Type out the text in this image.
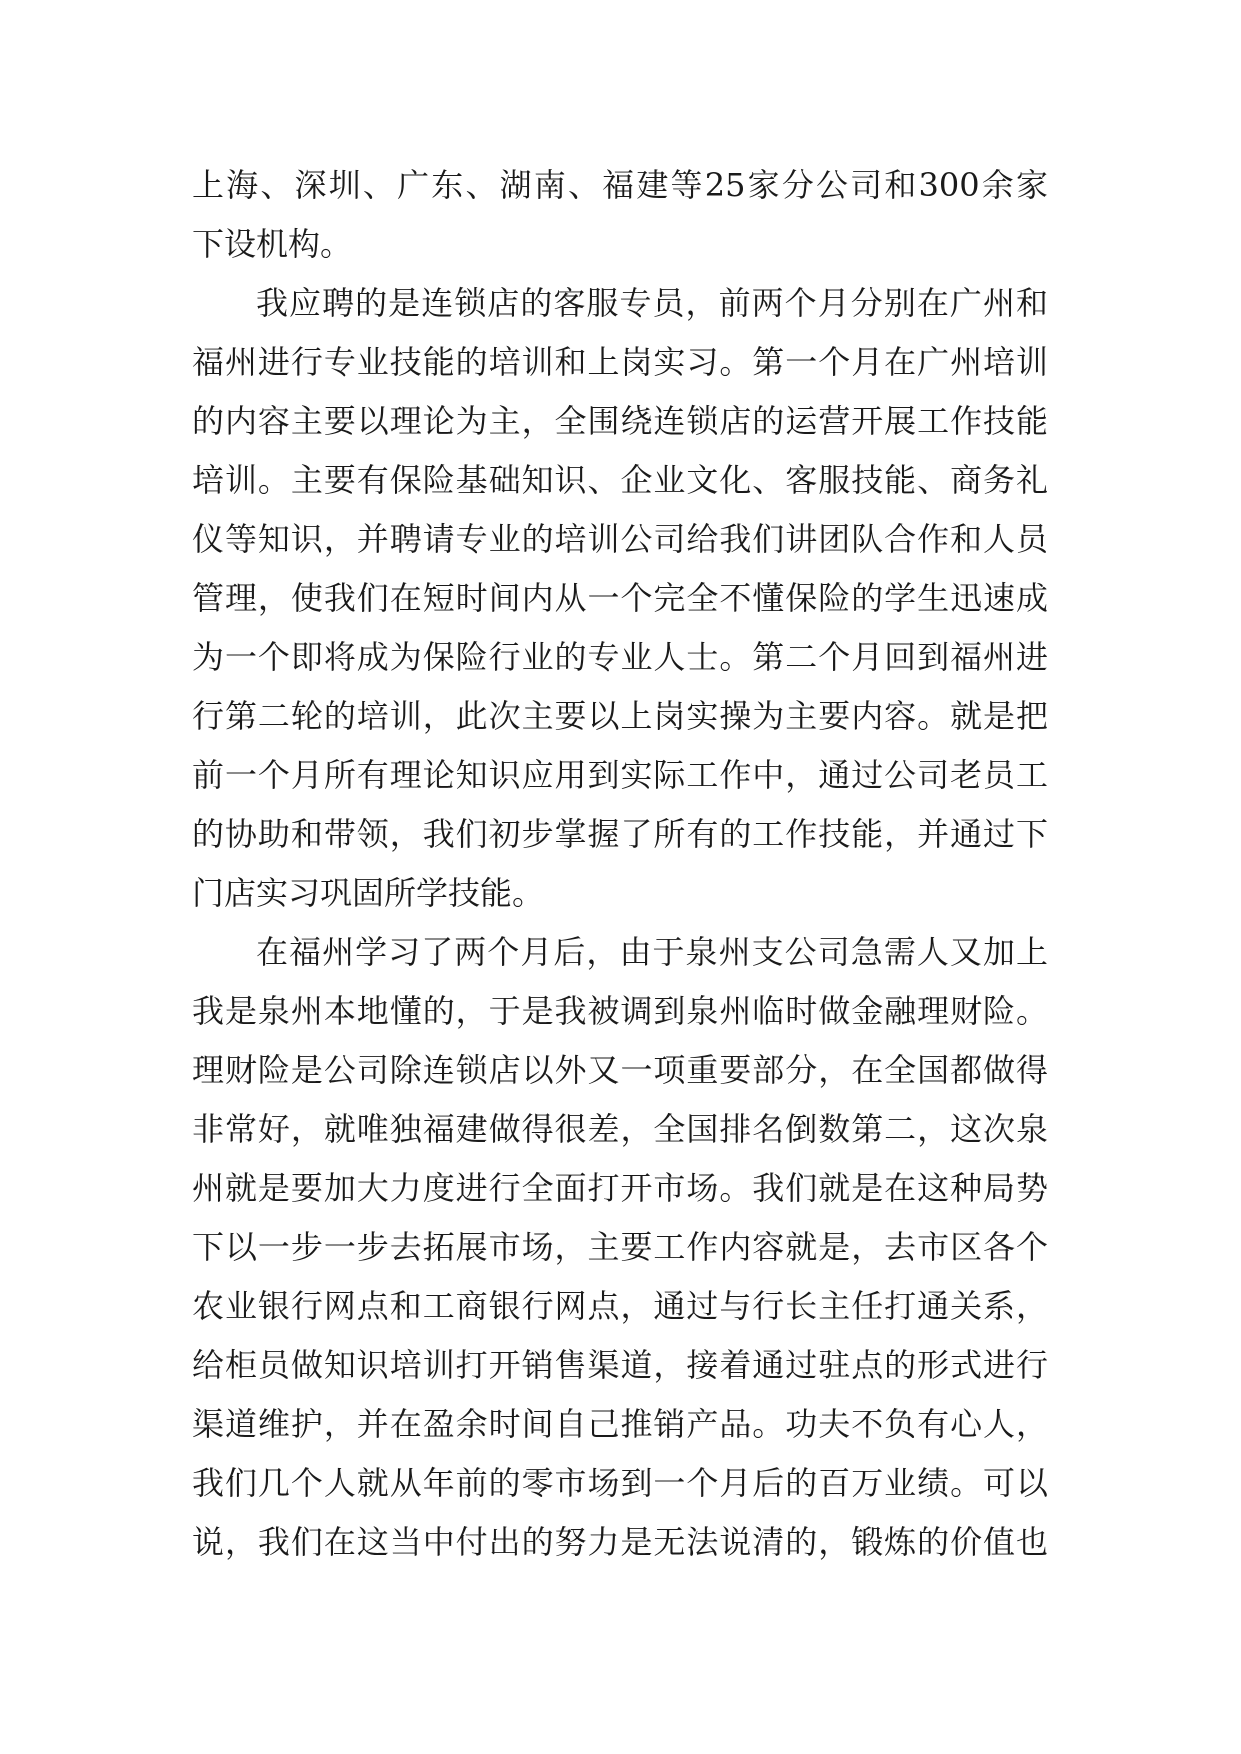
上海、深圳、广东、湖南、福建等25家分公司和300余家
下设机构。
我应聘的是连锁店的客服专员，前两个月分别在广州和
福州进行专业技能的培训和上岗实习。第一个月在广州培训
的内容主要以理论为主，全围绕连锁店的运营开展工作技能
培训。主要有保险基础知识、企业文化、客服技能、商务礼
仪等知识，并聘请专业的培训公司给我们讲团队合作和人员
管理，使我们在短时间内从一个完全不懂保险的学生迅速成
为一个即将成为保险行业的专业人士。第二个月回到福州进
行第二轮的培训，此次主要以上岗实操为主要内容。就是把
前一个月所有理论知识应用到实际工作中，通过公司老员工
的协助和带领，我们初步掌握了所有的工作技能，并通过下
门店实习巩固所学技能。
在福州学习了两个月后，由于泉州支公司急需人又加上
我是泉州本地懂的，于是我被调到泉州临时做金融理财险。
理财险是公司除连锁店以外又一项重要部分，在全国都做得
非常好，就唯独福建做得很差，全国排名倒数第二，这次泉
州就是要加大力度进行全面打开市场。我们就是在这种局势
下以一步一步去拓展市场，主要工作内容就是，去市区各个
农业银行网点和工商银行网点，通过与行长主任打通关系，
给柜员做知识培训打开销售渠道，接着通过驻点的形式进行
渠道维护，并在盈余时间自己推销产品。功夫不负有心人，
我们几个人就从年前的零市场到一个月后的百万业绩。可以
说，我们在这当中付出的努力是无法说清的，锻炼的价值也
